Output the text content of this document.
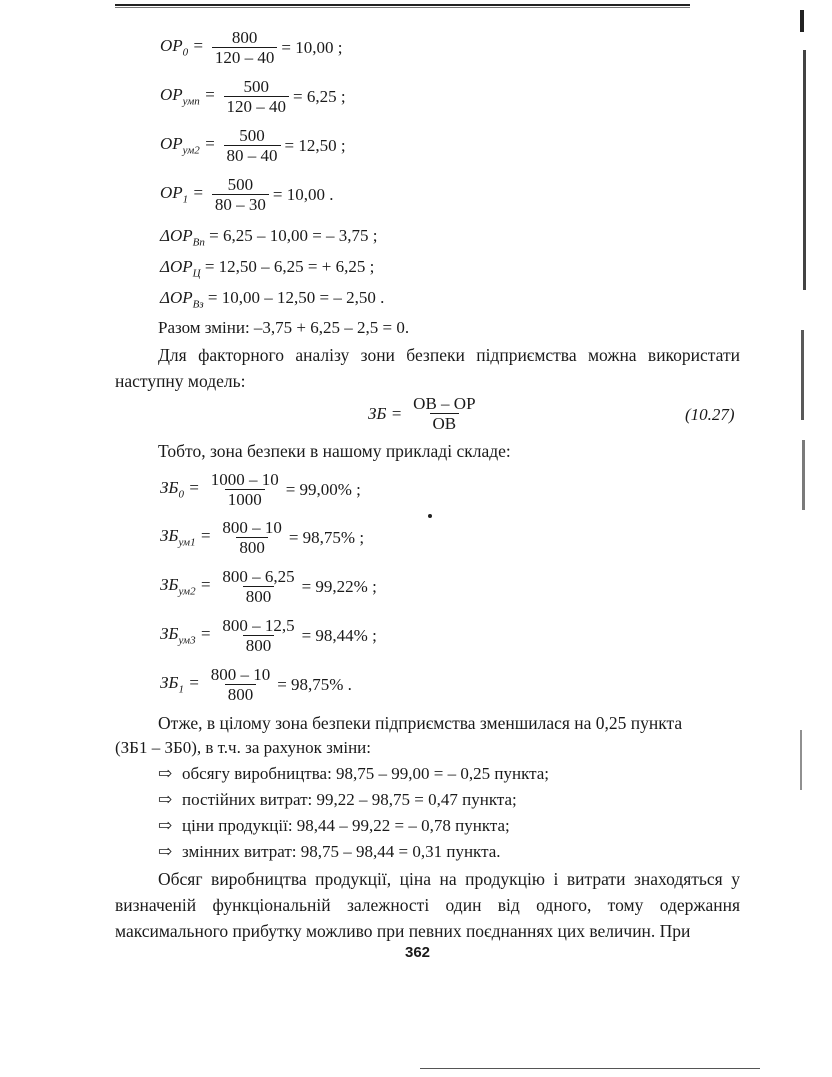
$OP_0 = \frac{800}{120 - 40} = 10,00$ ;
$OP_{умп} = \frac{500}{120 - 40} = 6,25$ ;
$OP_{ум2} = \frac{500}{80 - 40} = 12,50$ ;
$OP_1 = \frac{500}{80 - 30} = 10,00$ .
$\Delta OP_{Вп} = 6,25 - 10,00$ = – 3,75 ;
$\Delta OP_Ц = 12,50 - 6,25$ = + 6,25 ;
$\Delta OP_{Вз} = 10,00 - 12,50$ = – 2,50 .
Разом зміни: –3,75 + 6,25 – 2,5 = 0.
Для факторного аналізу зони безпеки підприємства можна використати наступну модель:
ЗБ = $\frac{ОВ - ОР}{ОВ}$	(10.27)
Тобто, зона безпеки в нашому прикладі складе:
$ЗБ_0 = \frac{1000 - 10}{1000} = 99,00\%$ ;
$ЗБ_{ум1} = \frac{800 - 10}{800} = 98,75\%$ ;
$ЗБ_{ум2} = \frac{800 - 6,25}{800} = 99,22\%$ ;
$ЗБ_{ум3} = \frac{800 - 12,5}{800} = 98,44\%$ ;
$ЗБ_1 = \frac{800 - 10}{800} = 98,75\%$ .
Отже, в цілому зона безпеки підприємства зменшилася на 0,25 пункта
(ЗБ1 – ЗБ0), в т.ч. за рахунок зміни:
⇨ обсягу виробництва: 98,75 – 99,00 = – 0,25 пункта;
⇨ постійних витрат: 99,22 – 98,75 = 0,47 пункта;
⇨ ціни продукції: 98,44 – 99,22 = – 0,78 пункта;
⇨ змінних витрат: 98,75 – 98,44 = 0,31 пункта.
Обсяг виробництва продукції, ціна на продукцію і витрати знаходяться у визначеній функціональній залежності один від одного, тому одержання максимального прибутку можливо при певних поєднаннях цих величин. При
362
